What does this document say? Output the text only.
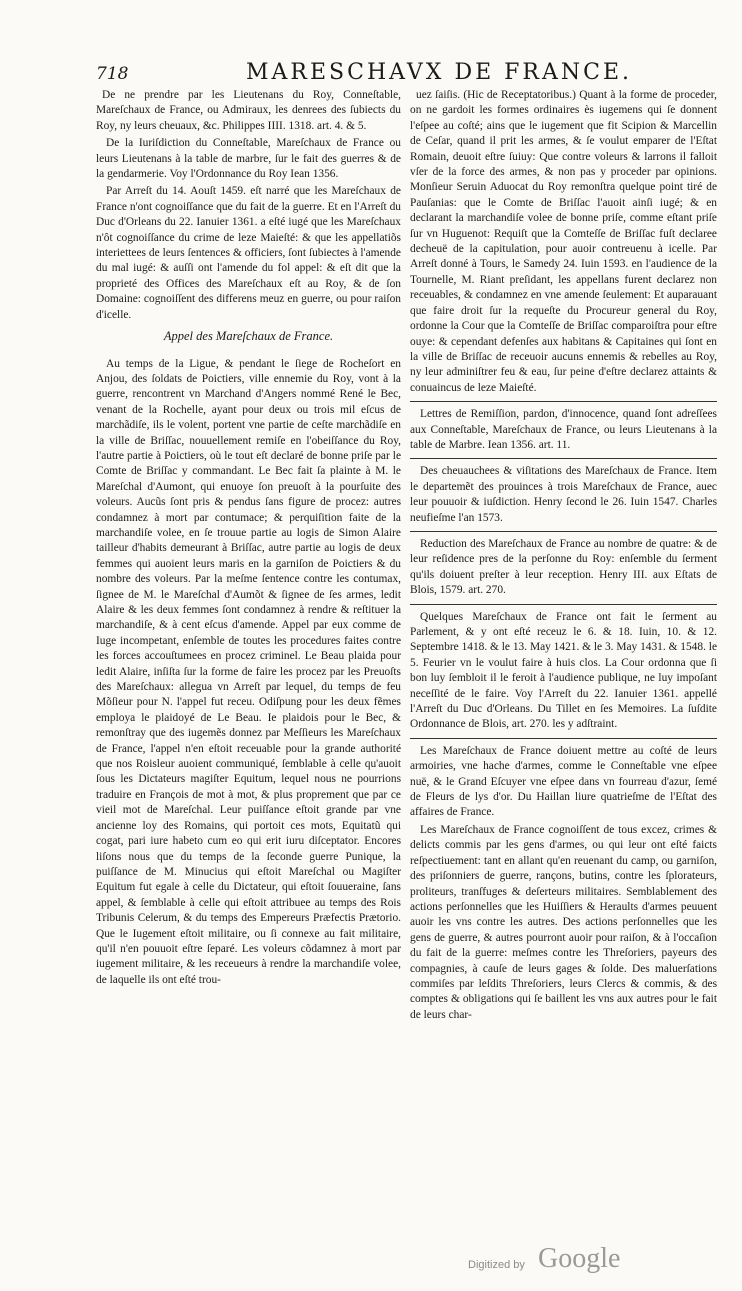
718	MARESCHAVX DE FRANCE.

De ne prendre par les Lieutenans du Roy, Conneſtable, Mareſchaux de France, ou Admiraux, les denrees des ſubiects du Roy, ny leurs cheuaux, &c. Philippes IIII. 1318. art. 4. & 5.

De la Iuriſdiction du Conneſtable, Mareſchaux de France ou leurs Lieutenans à la table de marbre, ſur le fait des guerres & de la gendarmerie. Voy l'Ordonnance du Roy Iean 1356.

Par Arreſt du 14. Aouſt 1459. eſt narré que les Mareſchaux de France n'ont cognoiſſance que du fait de la guerre. Et en l'Arreſt du Duc d'Orleans du 22. Ianuier 1361. a eſté iugé que les Mareſchaux n'ôt cognoiſſance du crime de leze Maieſté: & que les appellatiõs interiettees de leurs ſentences & officiers, ſont ſubiectes à l'amende du mal iugé: & auſſi ont l'amende du fol appel: & eſt dit que la proprieté des Offices des Mareſchaux eſt au Roy, & de ſon Domaine: cognoiſſent des differens meuz en guerre, ou pour raiſon d'icelle.

Appel des Mareſchaux de France.

Au temps de la Ligue, & pendant le ſiege de Rocheſort en Anjou, des ſoldats de Poictiers, ville ennemie du Roy, vont à la guerre, rencontrent vn Marchand d'Angers nommé René le Bec, venant de la Rochelle, ayant pour deux ou trois mil eſcus de marchãdiſe, ils le volent, portent vne partie de ceſte marchãdiſe en la ville de Briſſac, nouuellement remiſe en l'obeiſſance du Roy, l'autre partie à Poictiers, où le tout eſt declaré de bonne priſe par le Comte de Briſſac y commandant. Le Bec fait ſa plainte à M. le Mareſchal d'Aumont, qui enuoye ſon preuoſt à la pourſuite des voleurs. Aucũs ſont pris & pendus ſans figure de procez: autres condamnez à mort par contumace; & perquiſition faite de la marchandiſe volee, en ſe trouue partie au logis de Simon Alaire tailleur d'habits demeurant à Briſſac, autre partie au logis de deux femmes qui auoient leurs maris en la garniſon de Poictiers & du nombre des voleurs. Par la meſme ſentence contre les contumax, ſignee de M. le Mareſchal d'Aumõt & ſignee de ſes armes, ledit Alaire & les deux femmes ſont condamnez à rendre & reſtituer la marchandiſe, & à cent eſcus d'amende. Appel par eux comme de Iuge incompetant, enſemble de toutes les procedures faites contre les forces accouſtumees en procez criminel. Le Beau plaida pour ledit Alaire, inſiſta ſur la forme de faire les procez par les Preuoſts des Mareſchaux: allegua vn Arreſt par lequel, du temps de feu Mõſieur pour N. l'appel fut receu. Odiſpung pour les deux fẽmes employa le plaidoyé de Le Beau. Ie plaidois pour le Bec, & remonſtray que des iugemẽs donnez par Meſſieurs les Mareſchaux de France, l'appel n'en eſtoit receuable pour la grande authorité que nos Roisleur auoient communiqué, ſemblable à celle qu'auoit ſous les Dictateurs magiſter Equitum, lequel nous ne pourrions traduire en François de mot à mot, & plus proprement que par ce vieil mot de Mareſchal. Leur puiſſance eſtoit grande par vne ancienne loy des Romains, qui portoit ces mots, Equitatũ qui cogat, pari iure habeto cum eo qui erit iuru diſceptator. Encores liſons nous que du temps de la ſeconde guerre Punique, la puiſſance de M. Minucius qui eſtoit Mareſchal ou Magiſter Equitum fut egale à celle du Dictateur, qui eſtoit ſouueraine, ſans appel, & ſemblable à celle qui eſtoit attribuee au temps des Rois Tribunis Celerum, & du temps des Empereurs Præfectis Prætorio. Que le Iugement eſtoit militaire, ou ſi connexe au fait militaire, qu'il n'en pouuoit eſtre ſeparé. Les voleurs cõdamnez à mort par iugement militaire, & les receueurs à rendre la marchandiſe volee, de laquelle ils ont eſté trou-

uez ſaiſis. (Hic de Receptatoribus.) Quant à la forme de proceder, on ne gardoit les formes ordinaires ès iugemens qui ſe donnent l'eſpee au coſté; ains que le iugement que fit Scipion & Marcellin de Ceſar, quand il prit les armes, & ſe voulut emparer de l'Eſtat Romain, deuoit eſtre ſuiuy: Que contre voleurs & larrons il falloit vſer de la force des armes, & non pas y proceder par opinions. Monſieur Seruin Aduocat du Roy remonſtra quelque point tiré de Pauſanias: que le Comte de Briſſac l'auoit ainſi iugé; & en declarant la marchandiſe volee de bonne priſe, comme eſtant priſe ſur vn Huguenot: Requiſt que la Comteſſe de Briſſac fuſt declaree decheuë de la capitulation, pour auoir contreuenu à icelle. Par Arreſt donné à Tours, le Samedy 24. Iuin 1593. en l'audience de la Tournelle, M. Riant preſidant, les appellans furent declarez non receuables, & condamnez en vne amende ſeulement: Et auparauant que faire droit ſur la requeſte du Procureur general du Roy, ordonne la Cour que la Comteſſe de Briſſac comparoiſtra pour eſtre ouye: & cependant defenſes aux habitans & Capitaines qui ſont en la ville de Briſſac de receuoir aucuns ennemis & rebelles au Roy, ny leur adminiſtrer feu & eau, ſur peine d'eſtre declarez attaints & conuaincus de leze Maieſté.

Lettres de Remiſſion, pardon, d'innocence, quand ſont adreſſees aux Conneſtable, Mareſchaux de France, ou leurs Lieutenans à la table de Marbre. Iean 1356. art. 11.

Des cheuauchees & viſitations des Mareſchaux de France. Item le departemẽt des prouinces à trois Mareſchaux de France, auec leur pouuoir & iuſdiction. Henry ſecond le 26. Iuin 1547. Charles neufieſme l'an 1573.

Reduction des Mareſchaux de France au nombre de quatre: & de leur reſidence pres de la perſonne du Roy: enſemble du ſerment qu'ils doiuent preſter à leur reception. Henry III. aux Eſtats de Blois, 1579. art. 270.

Quelques Mareſchaux de France ont fait le ſerment au Parlement, & y ont eſté receuz le 6. & 18. Iuin, 10. & 12. Septembre 1418. & le 13. May 1421. & le 3. May 1431. & 1548. le 5. Feurier vn le voulut faire à huis clos. La Cour ordonna que ſi bon luy ſembloit il le feroit à l'audience publique, ne luy impoſant neceſſité de le faire. Voy l'Arreſt du 22. Ianuier 1361. appellé l'Arreſt du Duc d'Orleans. Du Tillet en ſes Memoires. La ſuſdite Ordonnance de Blois, art. 270. les y adſtraint.

Les Mareſchaux de France doiuent mettre au coſté de leurs armoiries, vne hache d'armes, comme le Conneſtable vne eſpee nuë, & le Grand Eſcuyer vne eſpee dans vn fourreau d'azur, ſemé de Fleurs de lys d'or. Du Haillan liure quatrieſme de l'Eſtat des affaires de France.

Les Mareſchaux de France cognoiſſent de tous excez, crimes & delicts commis par les gens d'armes, ou qui leur ont eſté faicts reſpectiuement: tant en allant qu'en reuenant du camp, ou garniſon, des priſonniers de guerre, rançons, butins, contre les ſplorateurs, proliteurs, tranſfuges & deſerteurs militaires. Semblablement des actions perſonnelles que les Huiſſiers & Heraults d'armes peuuent auoir les vns contre les autres. Des actions perſonnelles que les gens de guerre, & autres pourront auoir pour raiſon, & à l'occaſion du fait de la guerre: meſmes contre les Threſoriers, payeurs des compagnies, à cauſe de leurs gages & ſolde. Des maluerſations commiſes par leſdits Threſoriers, leurs Clercs & commis, & des comptes & obligations qui ſe baillent les vns aux autres pour le fait de leurs char-

Digitized by Google
